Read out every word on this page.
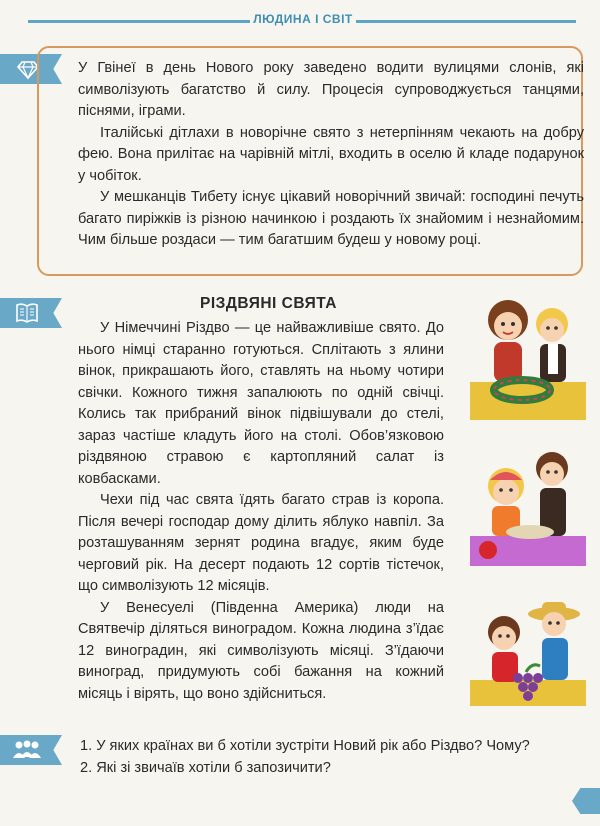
ЛЮДИНА І СВІТ

У Гвінеї в день Нового року заведено водити вулицями слонів, які символізують багатство й силу. Процесія супроводжується танцями, піснями, іграми.

Італійські дітлахи в новорічне свято з нетерпінням чекають на добру фею. Вона прилітає на чарівній мітлі, входить в оселю й кладе подарунок у чобіток.

У мешканців Тибету існує цікавий новорічний звичай: господині печуть багато пиріжків із різною начинкою і роздають їх знайомим і незнайомим. Чим більше роздаси — тим багатшим будеш у новому році.

РІЗДВЯНІ СВЯТА

У Німеччині Різдво — це найважливіше свято. До нього німці старанно готуються. Сплітають з ялини вінок, прикрашають його, ставлять на ньому чотири свічки. Кожного тижня запалюють по одній свічці. Колись так прибраний вінок підвішували до стелі, зараз частіше кладуть його на столі. Обов’язковою різдвяною стравою є картопляний салат із ковбасками.

Чехи під час свята їдять багато страв із коропа. Після вечері господар дому ділить яблуко навпіл. За розташуванням зернят родина вгадує, яким буде черговий рік. На десерт подають 12 сортів тістечок, що символізують 12 місяців.

У Венесуелі (Південна Америка) люди на Святвечір діляться виноградом. Кожна людина з’їдає 12 виноградин, які символізують місяці. З’їдаючи виноград, придумують собі бажання на кожний місяць і вірять, що воно здійсниться.

1. У яких країнах ви б хотіли зустріти Новий рік або Різдво? Чому?
2. Які зі звичаїв хотіли б запозичити?
